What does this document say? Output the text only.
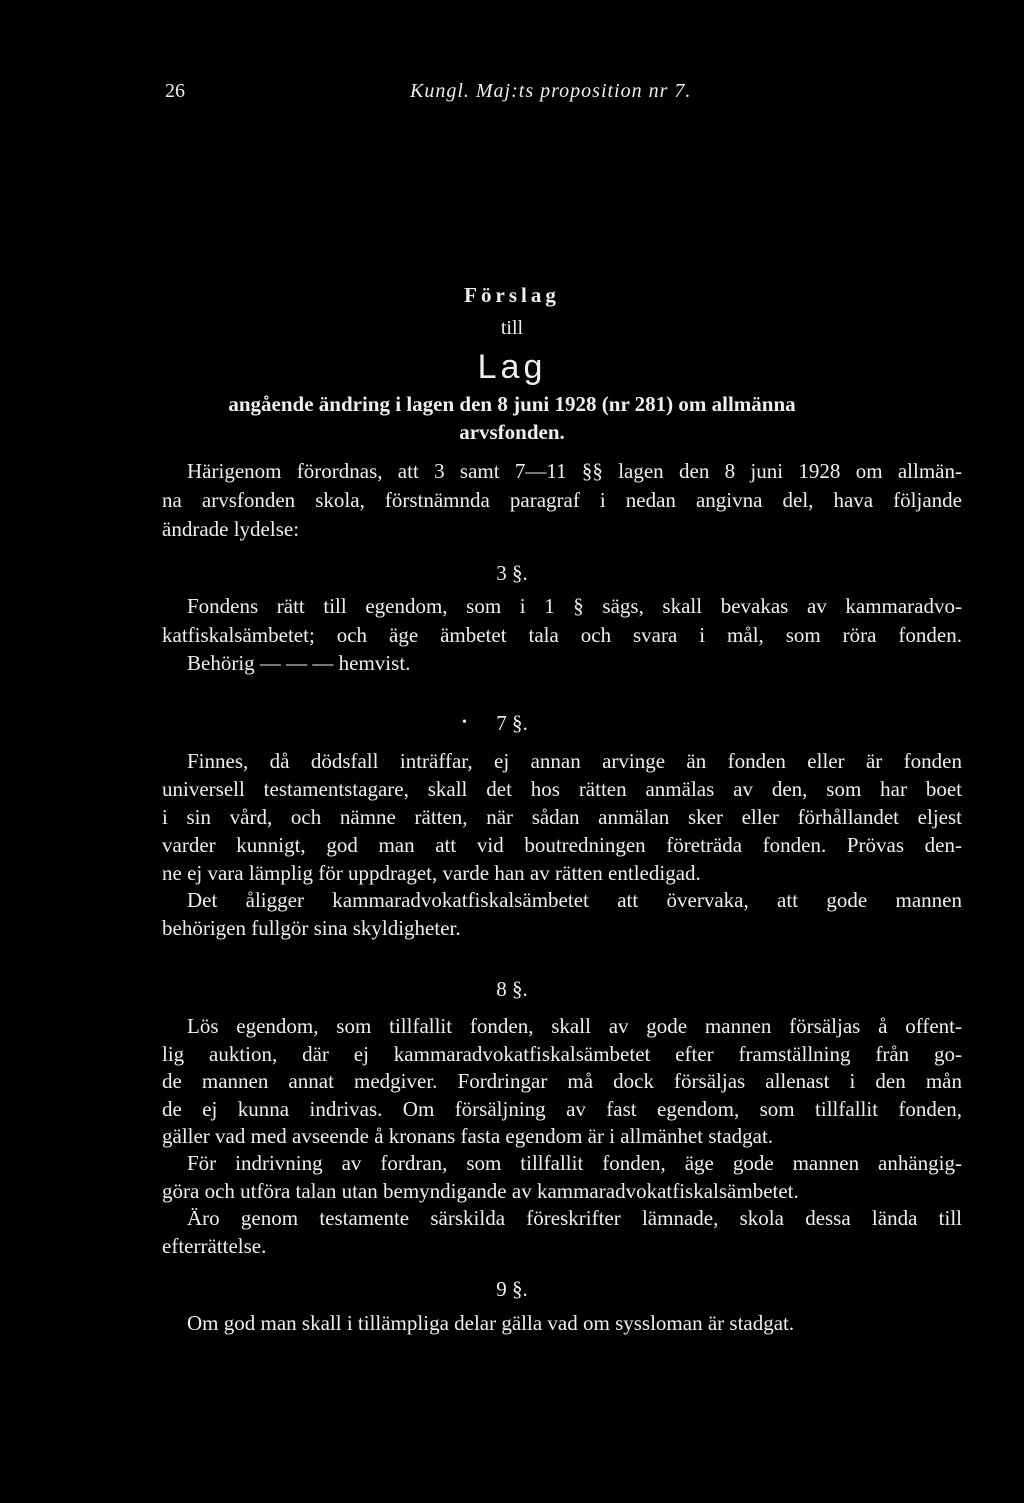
26	Kungl. Maj:ts proposition nr 7.
Förslag
till
Lag
angående ändring i lagen den 8 juni 1928 (nr 281) om allmänna
arvsfonden.
Härigenom förordnas, att 3 samt 7—11 §§ lagen den 8 juni 1928 om allmän-
na arvsfonden skola, förstnämnda paragraf i nedan angivna del, hava följande
ändrade lydelse:
3 §.
Fondens rätt till egendom, som i 1 § sägs, skall bevakas av kammaradvo-
katfiskalsämbetet; och äge ämbetet tala och svara i mål, som röra fonden.
Behörig — — — hemvist.
•	7 §.
Finnes, då dödsfall inträffar, ej annan arvinge än fonden eller är fonden
universell testamentstagare, skall det hos rätten anmälas av den, som har boet
i sin vård, och nämne rätten, när sådan anmälan sker eller förhållandet eljest
varder kunnigt, god man att vid boutredningen företräda fonden. Prövas den-
ne ej vara lämplig för uppdraget, varde han av rätten entledigad.
Det åligger kammaradvokatfiskalsämbetet att övervaka, att gode mannen
behörigen fullgör sina skyldigheter.
8 §.
Lös egendom, som tillfallit fonden, skall av gode mannen försäljas å offent-
lig auktion, där ej kammaradvokatfiskalsämbetet efter framställning från go-
de mannen annat medgiver. Fordringar må dock försäljas allenast i den mån
de ej kunna indrivas. Om försäljning av fast egendom, som tillfallit fonden,
gäller vad med avseende å kronans fasta egendom är i allmänhet stadgat.
För indrivning av fordran, som tillfallit fonden, äge gode mannen anhängig-
göra och utföra talan utan bemyndigande av kammaradvokatfiskalsämbetet.
Äro genom testamente särskilda föreskrifter lämnade, skola dessa lända till
efterrättelse.
9 §.
Om god man skall i tillämpliga delar gälla vad om syssloman är stadgat.
